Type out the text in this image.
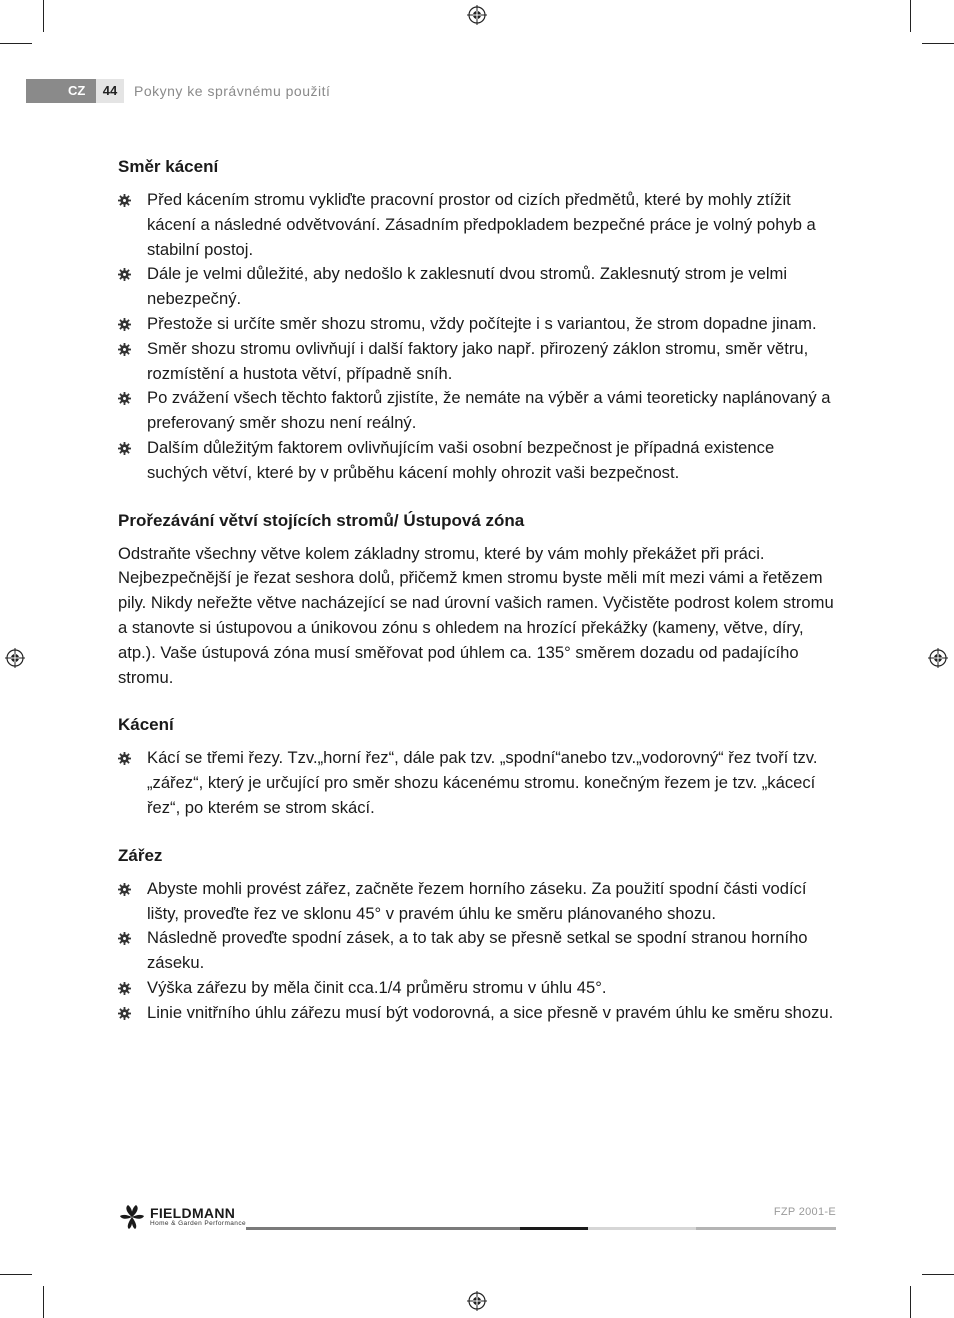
CZ	44	Pokyny ke správnému použití
Směr kácení
Před kácením stromu vykliďte pracovní prostor od cizích předmětů, které by mohly ztížit kácení a následné odvětvování. Zásadním předpokladem bezpečné práce je volný pohyb a stabilní postoj.
Dále je velmi důležité, aby nedošlo k zaklesnutí dvou stromů. Zaklesnutý strom je velmi nebezpečný.
Přestože si určíte směr shozu stromu, vždy počítejte i s variantou, že strom dopadne jinam.
Směr shozu stromu ovlivňují i další faktory jako např. přirozený záklon stromu, směr větru, rozmístění a hustota větví, případně sníh.
Po zvážení všech těchto faktorů zjistíte, že nemáte na výběr a vámi teoreticky naplánovaný a preferovaný směr shozu není reálný.
Dalším důležitým faktorem ovlivňujícím vaši osobní bezpečnost je případná existence suchých větví, které by v průběhu kácení mohly ohrozit vaši bezpečnost.
Prořezávání větví stojících stromů/ Ústupová zóna

Odstraňte všechny větve kolem základny stromu, které by vám mohly překážet při práci. Nejbezpečnější je řezat seshora dolů, přičemž kmen stromu byste měli mít mezi vámi a řetězem pily. Nikdy neřežte větve nacházející se nad úrovní vašich ramen. Vyčistěte podrost kolem stromu a stanovte si ústupovou a únikovou zónu s ohledem na hrozící překážky (kameny, větve, díry, atp.). Vaše ústupová zóna musí směřovat pod úhlem ca. 135° směrem dozadu od padajícího stromu.

Kácení
Kácí se třemi řezy. Tzv.„horní řez“, dále pak tzv. „spodní“anebo tzv.„vodorovný“ řez tvoří tzv. „zářez“, který je určující pro směr shozu kácenému stromu. konečným řezem je tzv. „kácecí řez“, po kterém se strom skácí.
Zářez
Abyste mohli provést zářez, začněte řezem horního záseku. Za použití spodní části vodící lišty, proveďte řez ve sklonu 45° v pravém úhlu ke směru plánovaného shozu.
Následně proveďte spodní zásek, a to tak aby se přesně setkal se spodní stranou horního záseku.
Výška zářezu by měla činit cca.1/4 průměru stromu v úhlu 45°.
Linie vnitřního úhlu zářezu musí být vodorovná, a sice přesně v pravém úhlu ke směru shozu.
FIELDMANN
Home & Garden Performance
FZP 2001-E
